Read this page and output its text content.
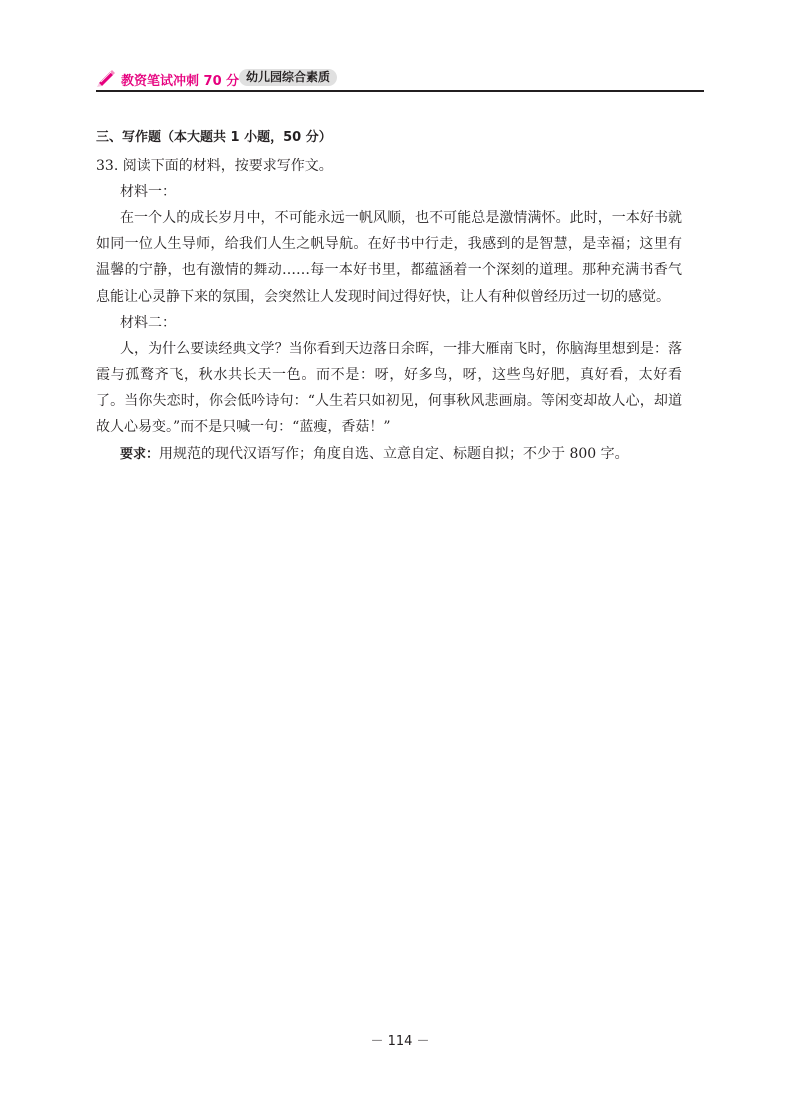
教资笔试冲刺 70 分 幼儿园综合素质
三、写作题（本大题共 1 小题，50 分）
33. 阅读下面的材料，按要求写作文。
材料一：
在一个人的成长岁月中，不可能永远一帆风顺，也不可能总是激情满怀。此时，一本好书就如同一位人生导师，给我们人生之帆导航。在好书中行走，我感到的是智慧，是幸福；这里有温馨的宁静，也有激情的舞动……每一本好书里，都蕴涵着一个深刻的道理。那种充满书香气息能让心灵静下来的氛围，会突然让人发现时间过得好快，让人有种似曾经历过一切的感觉。
材料二：
人，为什么要读经典文学？当你看到天边落日余晖，一排大雁南飞时，你脑海里想到是：落霞与孤鹜齐飞，秋水共长天一色。而不是：呀，好多鸟，呀，这些鸟好肥，真好看，太好看了。当你失恋时，你会低吟诗句：“人生若只如初见，何事秋风悲画扇。等闲变却故人心，却道故人心易变。”而不是只喊一句：“蓝瘦，香菇！”
要求：用规范的现代汉语写作；角度自选、立意自定、标题自拟；不少于 800 字。
－ 114 －
